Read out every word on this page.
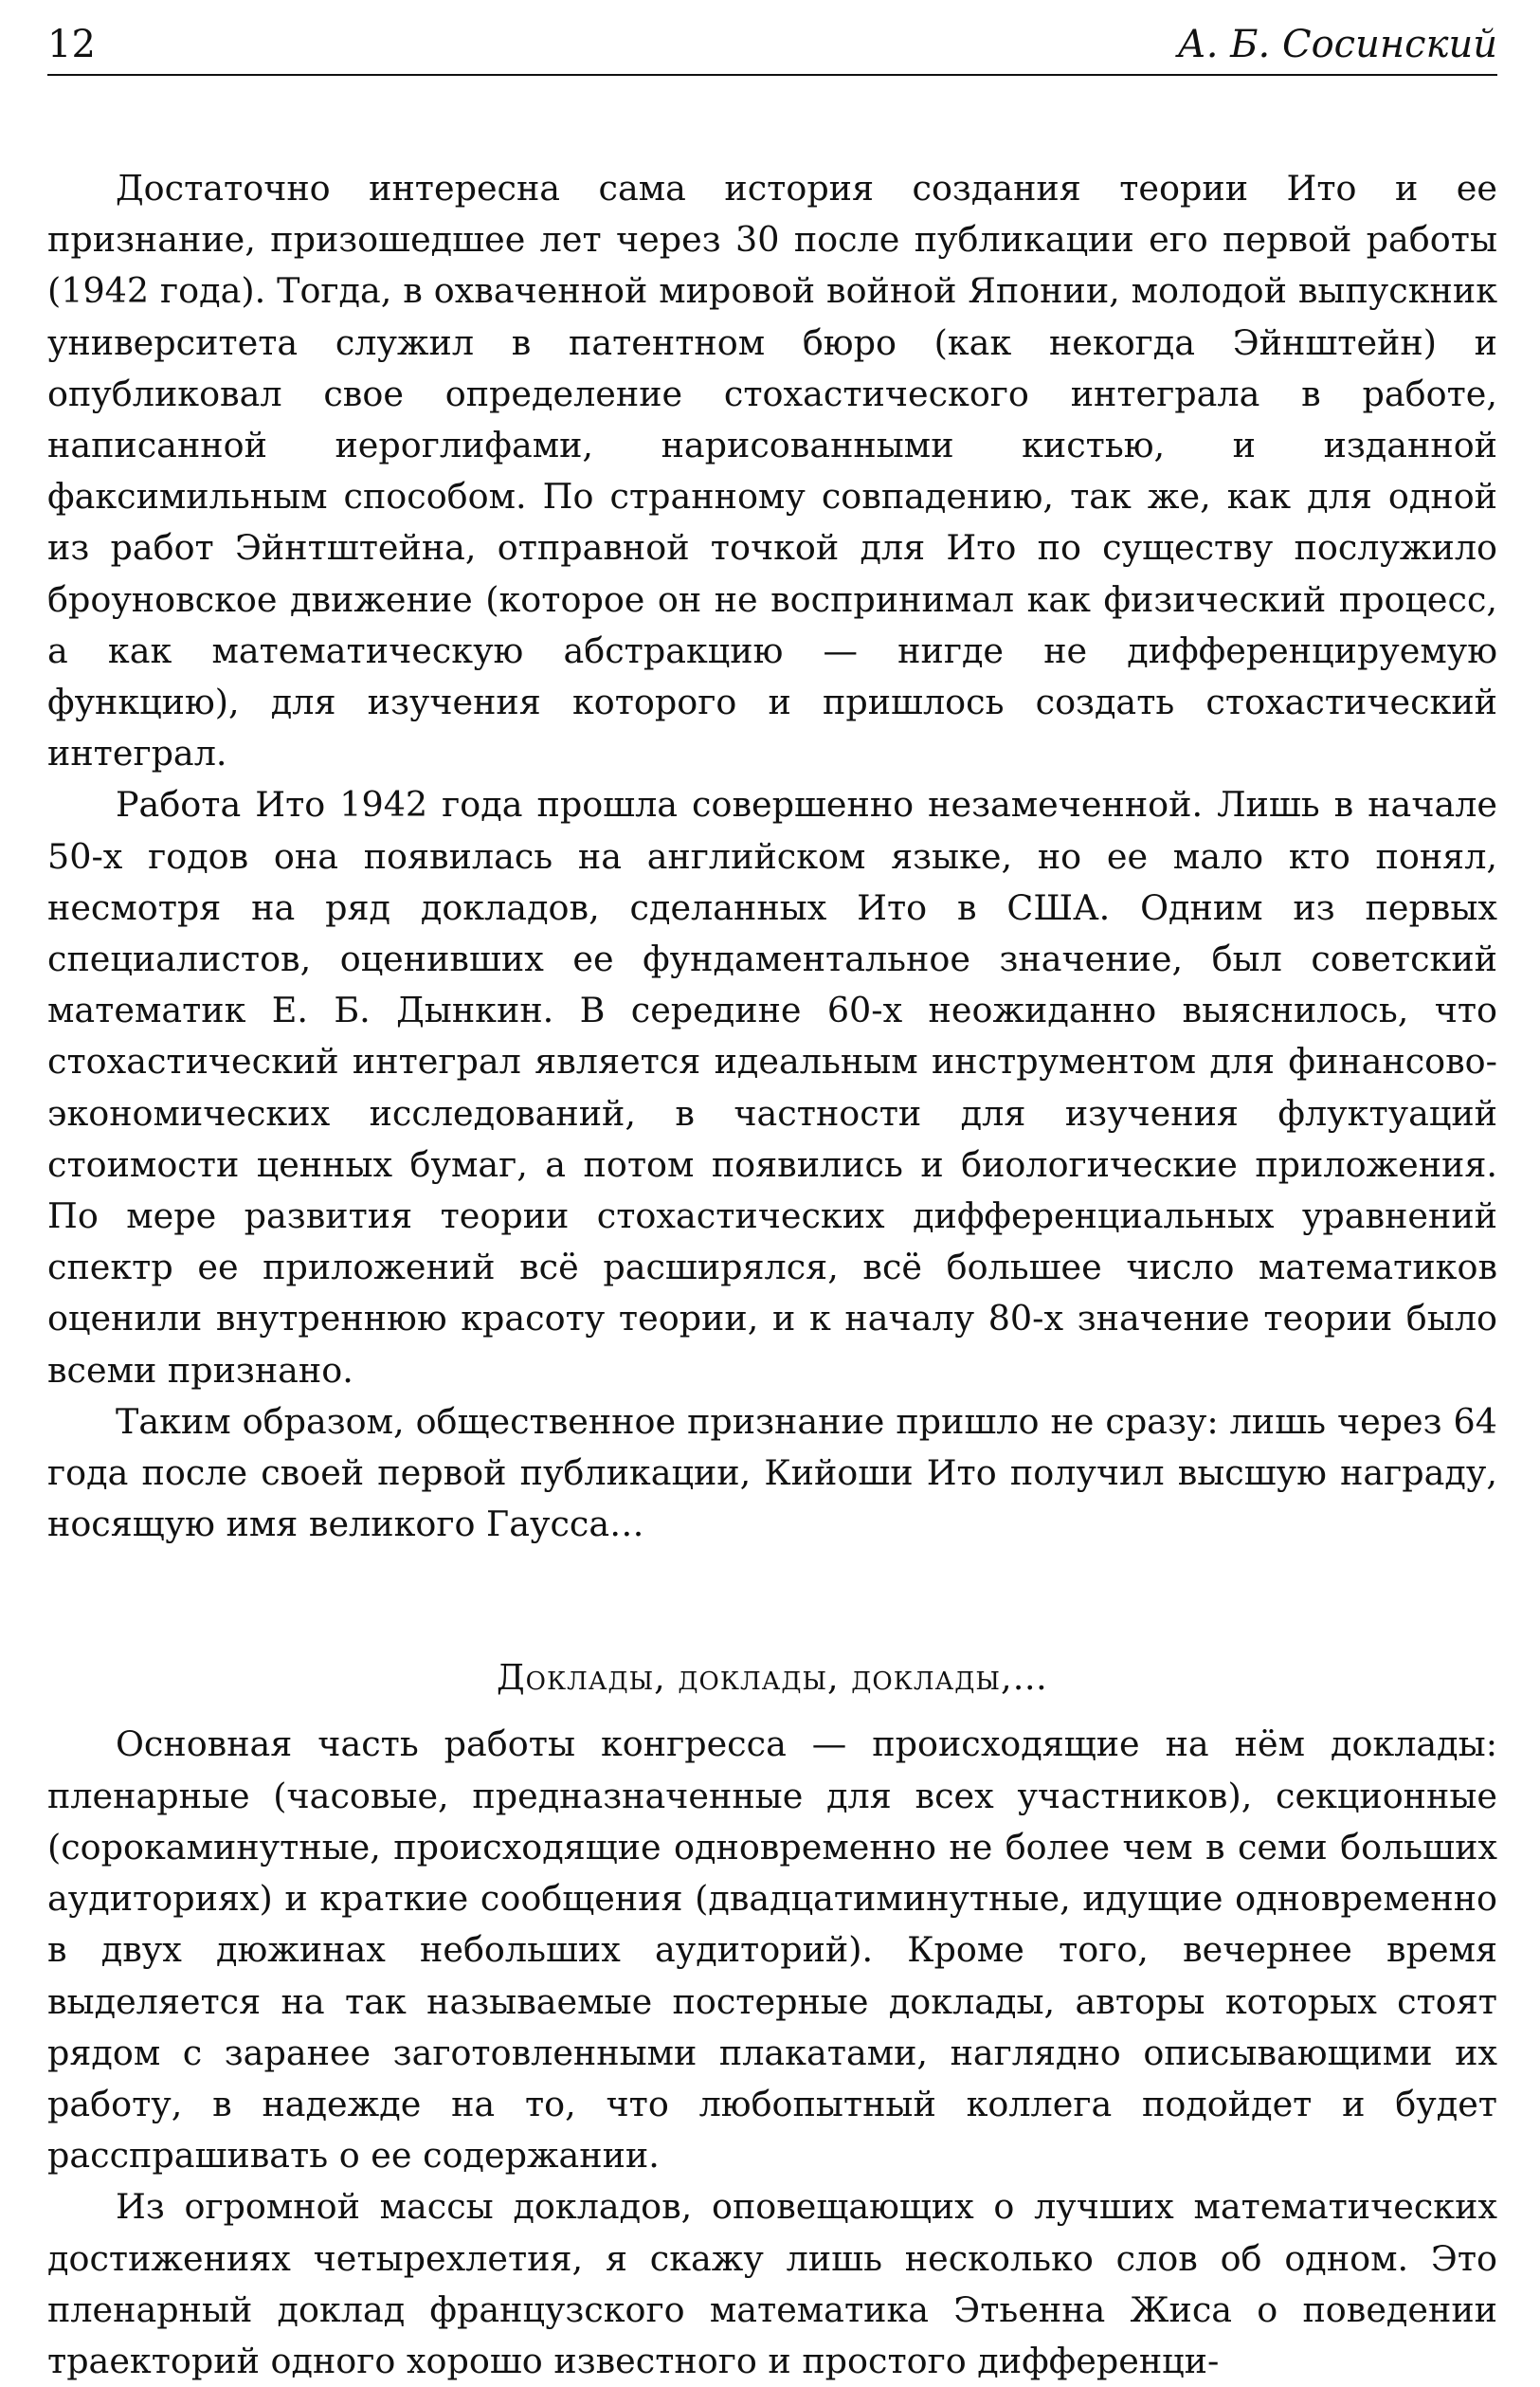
12	А. Б. Сосинский

Достаточно интересна сама история создания теории Ито и ее признание, призошедшее лет через 30 после публикации его первой работы (1942 года). Тогда, в охваченной мировой войной Японии, молодой выпускник университета служил в патентном бюро (как некогда Эйнштейн) и опубликовал свое определение стохастического интеграла в работе, написанной иероглифами, нарисованными кистью, и изданной факсимильным способом. По странному совпадению, так же, как для одной из работ Эйнтштейна, отправной точкой для Ито по существу послужило броуновское движение (которое он не воспринимал как физический процесс, а как математическую абстракцию — нигде не дифференцируемую функцию), для изучения которого и пришлось создать стохастический интеграл.

Работа Ито 1942 года прошла совершенно незамеченной. Лишь в начале 50-х годов она появилась на английском языке, но ее мало кто понял, несмотря на ряд докладов, сделанных Ито в США. Одним из первых специалистов, оценивших ее фундаментальное значение, был советский математик Е. Б. Дынкин. В середине 60-х неожиданно выяснилось, что стохастический интеграл является идеальным инструментом для финансово-экономических исследований, в частности для изучения флуктуаций стоимости ценных бумаг, а потом появились и биологические приложения. По мере развития теории стохастических дифференциальных уравнений спектр ее приложений всё расширялся, всё большее число математиков оценили внутреннюю красоту теории, и к началу 80-х значение теории было всеми признано.

Таким образом, общественное признание пришло не сразу: лишь через 64 года после своей первой публикации, Кийоши Ито получил высшую награду, носящую имя великого Гаусса…

Доклады, доклады, доклады,…

Основная часть работы конгресса — происходящие на нём доклады: пленарные (часовые, предназначенные для всех участников), секционные (сорокаминутные, происходящие одновременно не более чем в семи больших аудиториях) и краткие сообщения (двадцатиминутные, идущие одновременно в двух дюжинах небольших аудиторий). Кроме того, вечернее время выделяется на так называемые постерные доклады, авторы которых стоят рядом с заранее заготовленными плакатами, наглядно описывающими их работу, в надежде на то, что любопытный коллега подойдет и будет расспрашивать о ее содержании.

Из огромной массы докладов, оповещающих о лучших математических достижениях четырехлетия, я скажу лишь несколько слов об одном. Это пленарный доклад французского математика Этьенна Жиса о поведении траекторий одного хорошо известного и простого дифференци-
